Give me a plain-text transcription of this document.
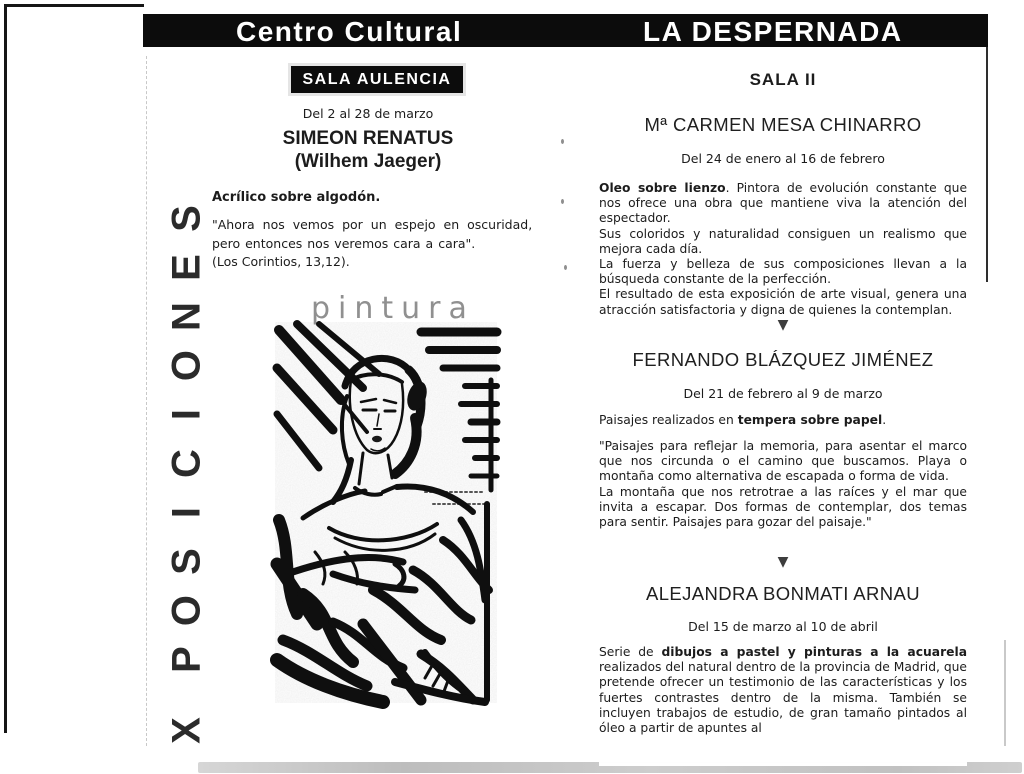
Centro Cultural	LA DESPERNADA
S
E
N
O
I
C
I
S
O
P
X
SALA AULENCIA
Del 2 al 28 de marzo
SIMEON RENATUS
(Wilhem Jaeger)
Acrílico sobre algodón.
"Ahora nos vemos por un espejo en oscuridad,
pero entonces nos veremos cara a cara".
(Los Corintios, 13,12).
pintura
SALA II
Mª CARMEN MESA CHINARRO
Del 24 de enero al 16 de febrero

Oleo sobre lienzo. Pintora de evolución constante que nos ofrece una obra que mantiene viva la atención del espectador.

Sus coloridos y naturalidad consiguen un realismo que mejora cada día.

La fuerza y belleza de sus composiciones llevan a la búsqueda constante de la perfección.

El resultado de esta exposición de arte visual, genera una atracción satisfactoria y digna de quienes la contemplan.

▼
FERNANDO BLÁZQUEZ JIMÉNEZ
Del 21 de febrero al 9 de marzo
Paisajes realizados en tempera sobre papel.

"Paisajes para reflejar la memoria, para asentar el marco que nos circunda o el camino que buscamos. Playa o montaña como alternativa de escapada o forma de vida.

La montaña que nos retrotrae a las raíces y el mar que invita a escapar. Dos formas de contemplar, dos temas para sentir. Paisajes para gozar del paisaje."

▼
ALEJANDRA BONMATI ARNAU
Del 15 de marzo al 10 de abril

Serie de dibujos a pastel y pinturas a la acuarela realizados del natural dentro de la provincia de Madrid, que pretende ofrecer un testimonio de las características y los fuertes contrastes dentro de la misma. También se incluyen trabajos de estudio, de gran tamaño pintados al óleo a partir de apuntes al
